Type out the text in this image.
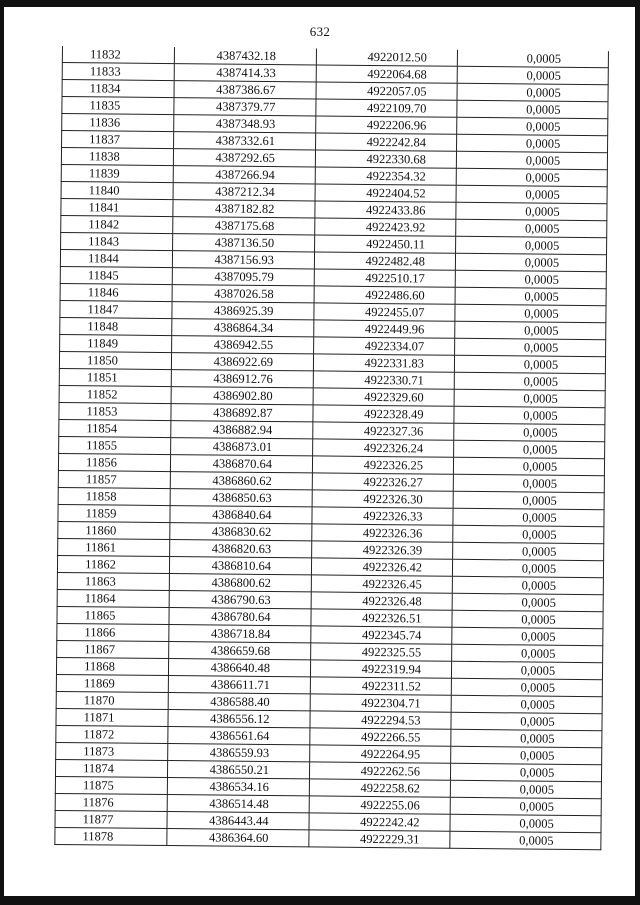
632
11832	4387432.18	4922012.50	0,0005
11833	4387414.33	4922064.68	0,0005
11834	4387386.67	4922057.05	0,0005
11835	4387379.77	4922109.70	0,0005
11836	4387348.93	4922206.96	0,0005
11837	4387332.61	4922242.84	0,0005
11838	4387292.65	4922330.68	0,0005
11839	4387266.94	4922354.32	0,0005
11840	4387212.34	4922404.52	0,0005
11841	4387182.82	4922433.86	0,0005
11842	4387175.68	4922423.92	0,0005
11843	4387136.50	4922450.11	0,0005
11844	4387156.93	4922482.48	0,0005
11845	4387095.79	4922510.17	0,0005
11846	4387026.58	4922486.60	0,0005
11847	4386925.39	4922455.07	0,0005
11848	4386864.34	4922449.96	0,0005
11849	4386942.55	4922334.07	0,0005
11850	4386922.69	4922331.83	0,0005
11851	4386912.76	4922330.71	0,0005
11852	4386902.80	4922329.60	0,0005
11853	4386892.87	4922328.49	0,0005
11854	4386882.94	4922327.36	0,0005
11855	4386873.01	4922326.24	0,0005
11856	4386870.64	4922326.25	0,0005
11857	4386860.62	4922326.27	0,0005
11858	4386850.63	4922326.30	0,0005
11859	4386840.64	4922326.33	0,0005
11860	4386830.62	4922326.36	0,0005
11861	4386820.63	4922326.39	0,0005
11862	4386810.64	4922326.42	0,0005
11863	4386800.62	4922326.45	0,0005
11864	4386790.63	4922326.48	0,0005
11865	4386780.64	4922326.51	0,0005
11866	4386718.84	4922345.74	0,0005
11867	4386659.68	4922325.55	0,0005
11868	4386640.48	4922319.94	0,0005
11869	4386611.71	4922311.52	0,0005
11870	4386588.40	4922304.71	0,0005
11871	4386556.12	4922294.53	0,0005
11872	4386561.64	4922266.55	0,0005
11873	4386559.93	4922264.95	0,0005
11874	4386550.21	4922262.56	0,0005
11875	4386534.16	4922258.62	0,0005
11876	4386514.48	4922255.06	0,0005
11877	4386443.44	4922242.42	0,0005
11878	4386364.60	4922229.31	0,0005
